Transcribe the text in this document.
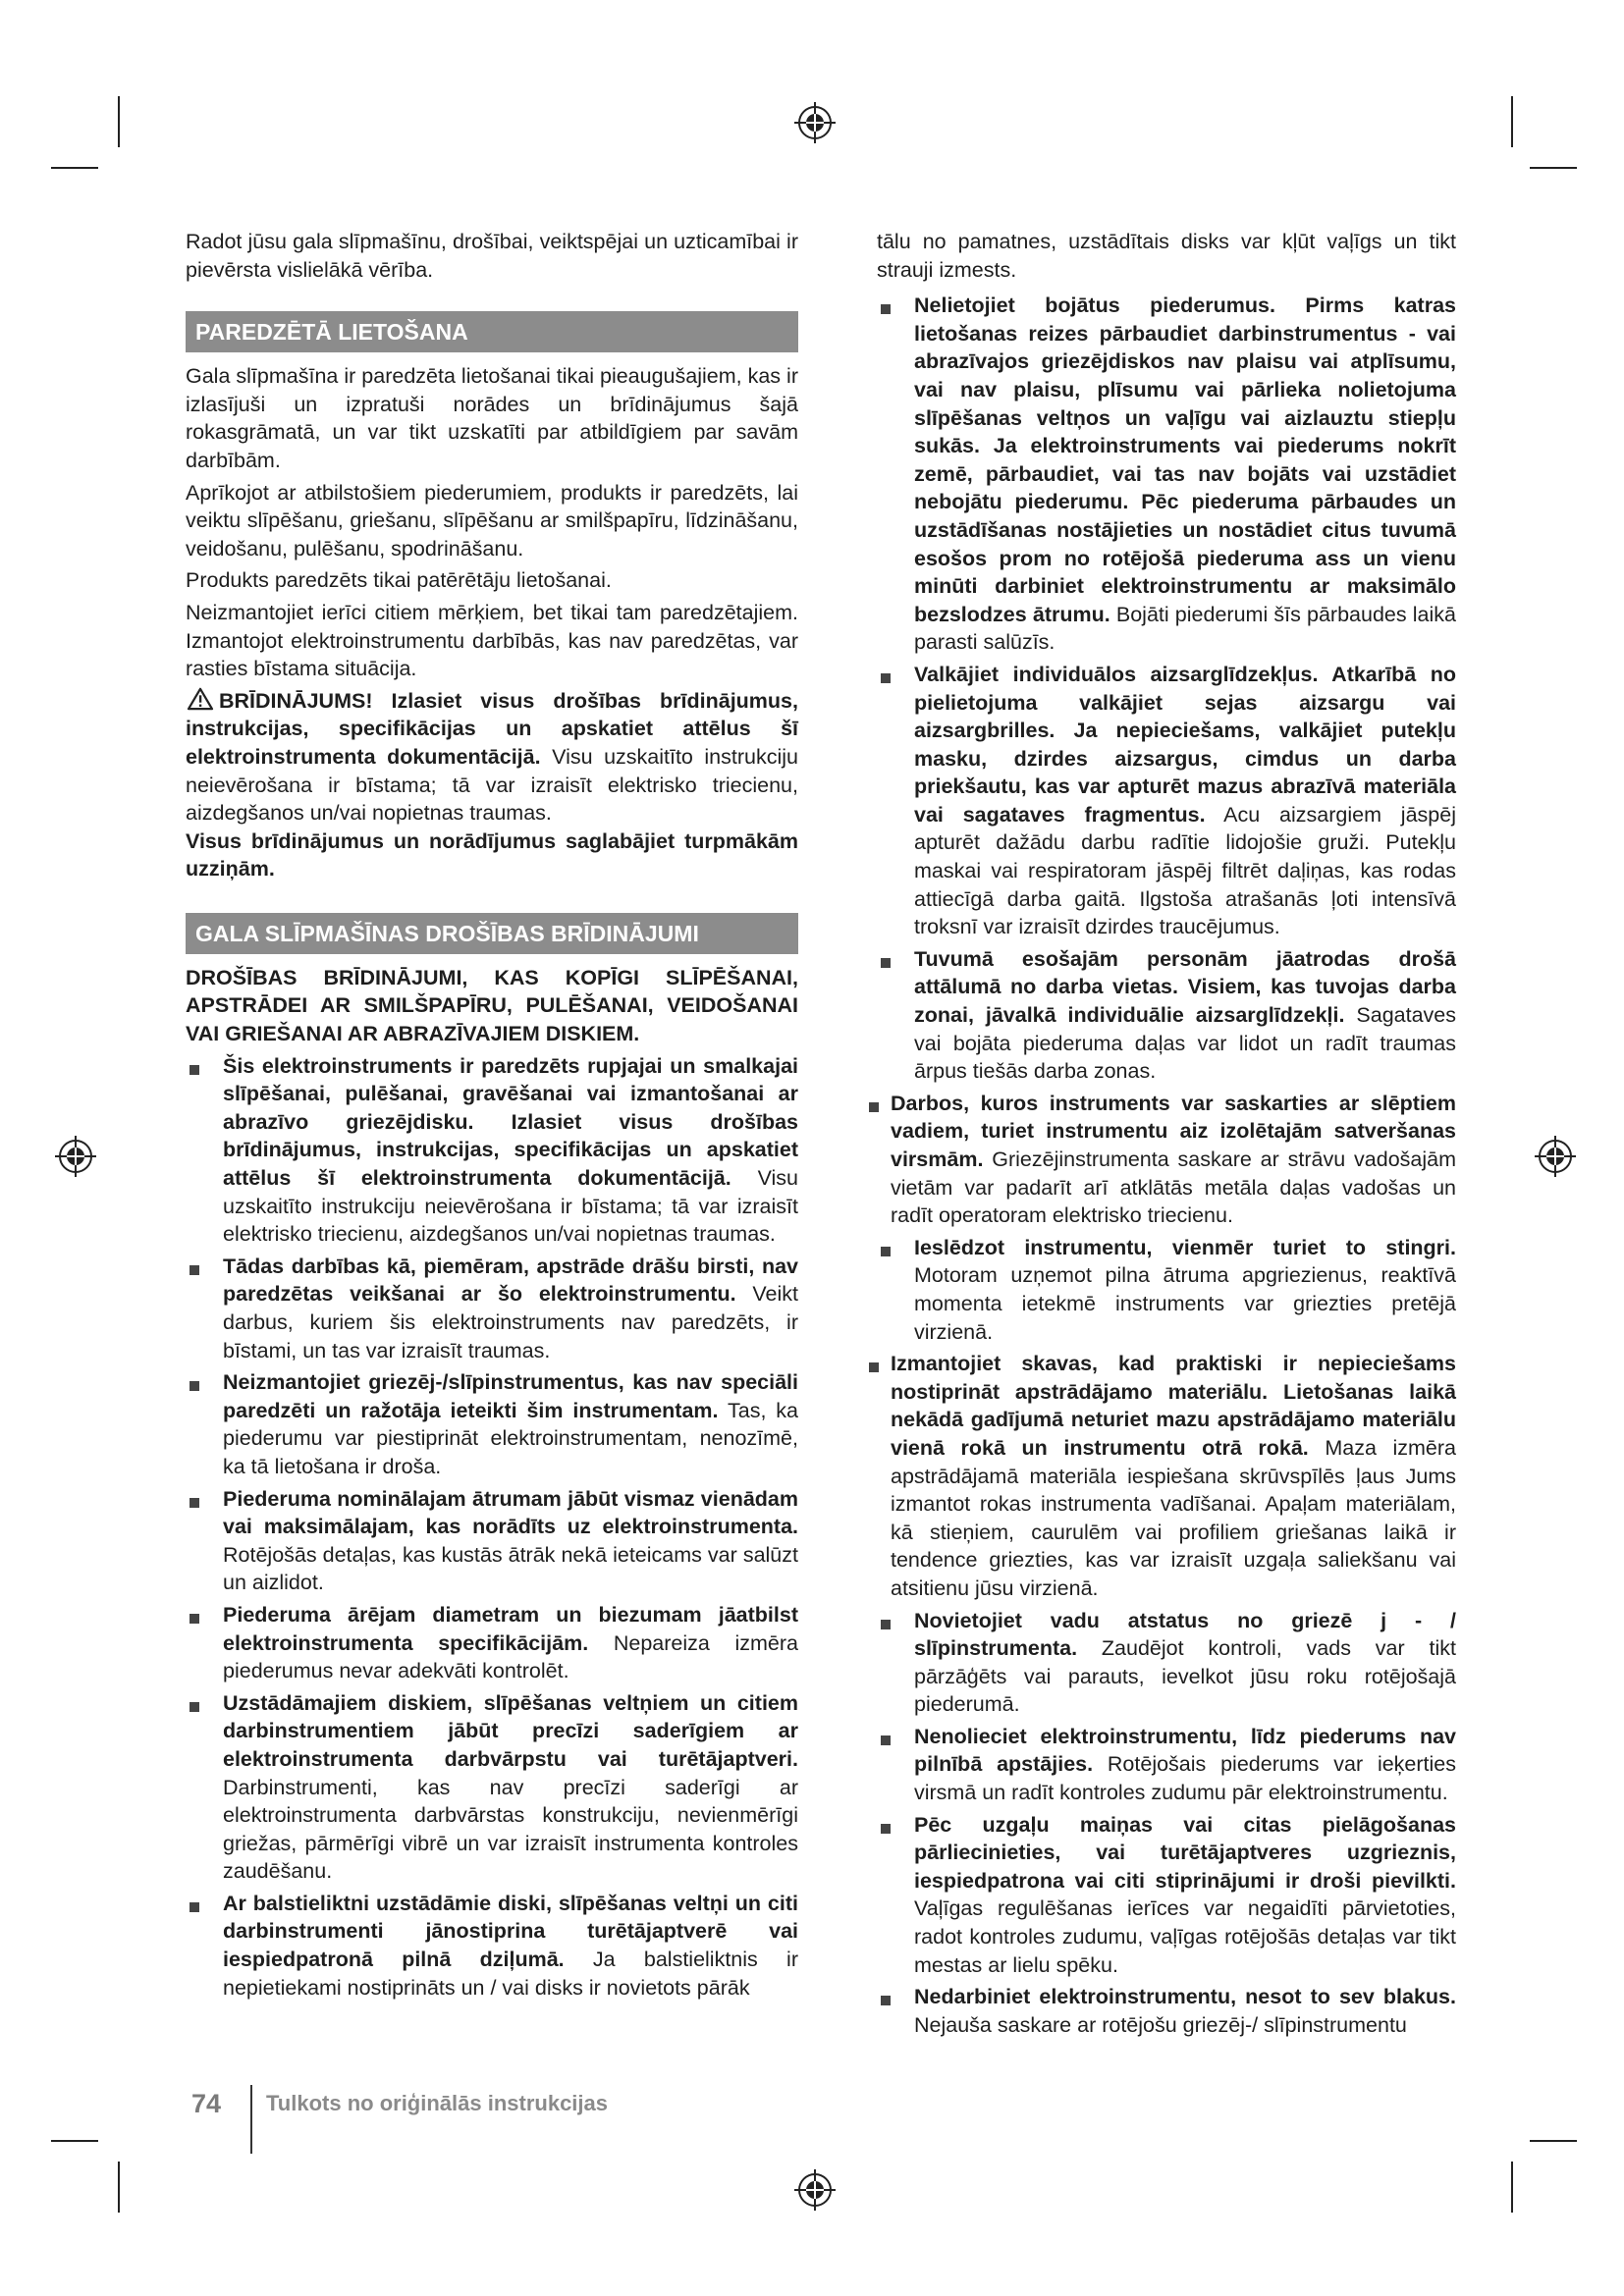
Radot jūsu gala slīpmašīnu, drošībai, veiktspējai un uzticamībai ir pievērsta vislielākā vērība.

PAREDZĒTĀ LIETOŠANA

Gala slīpmašīna ir paredzēta lietošanai tikai pieaugušajiem, kas ir izlasījuši un izpratuši norādes un brīdinājumus šajā rokasgrāmatā, un var tikt uzskatīti par atbildīgiem par savām darbībām.

Aprīkojot ar atbilstošiem piederumiem, produkts ir paredzēts, lai veiktu slīpēšanu, griešanu, slīpēšanu ar smilšpapīru, līdzināšanu, veidošanu, pulēšanu, spodrināšanu.

Produkts paredzēts tikai patērētāju lietošanai.

Neizmantojiet ierīci citiem mērķiem, bet tikai tam paredzētajiem. Izmantojot elektroinstrumentu darbībās, kas nav paredzētas, var rasties bīstama situācija.

BRĪDINĀJUMS! Izlasiet visus drošības brīdinājumus, instrukcijas, specifikācijas un apskatiet attēlus šī elektroinstrumenta dokumentācijā. Visu uzskaitīto instrukciju neievērošana ir bīstama; tā var izraisīt elektrisko triecienu, aizdegšanos un/vai nopietnas traumas.

Visus brīdinājumus un norādījumus saglabājiet turpmākām uzziņām.

GALA SLĪPMAŠĪNAS DROŠĪBAS BRĪDINĀJUMI

DROŠĪBAS BRĪDINĀJUMI, KAS KOPĪGI SLĪPĒŠANAI, APSTRĀDEI AR SMILŠPAPĪRU, PULĒŠANAI, VEIDOŠANAI VAI GRIEŠANAI AR ABRAZĪVAJIEM DISKIEM.

Šis elektroinstruments ir paredzēts rupjajai un smalkajai slīpēšanai, pulēšanai, gravēšanai vai izmantošanai ar abrazīvo griezējdisku. Izlasiet visus drošības brīdinājumus, instrukcijas, specifikācijas un apskatiet attēlus šī elektroinstrumenta dokumentācijā. Visu uzskaitīto instrukciju neievērošana ir bīstama; tā var izraisīt elektrisko triecienu, aizdegšanos un/vai nopietnas traumas.
Tādas darbības kā, piemēram, apstrāde drāšu birsti, nav paredzētas veikšanai ar šo elektroinstrumentu. Veikt darbus, kuriem šis elektroinstruments nav paredzēts, ir bīstami, un tas var izraisīt traumas.
Neizmantojiet griezēj-/slīpinstrumentus, kas nav speciāli paredzēti un ražotāja ieteikti šim instrumentam. Tas, ka piederumu var piestiprināt elektroinstrumentam, nenozīmē, ka tā lietošana ir droša.
Piederuma nominālajam ātrumam jābūt vismaz vienādam vai maksimālajam, kas norādīts uz elektroinstrumenta. Rotējošās detaļas, kas kustās ātrāk nekā ieteicams var salūzt un aizlidot.
Piederuma ārējam diametram un biezumam jāatbilst elektroinstrumenta specifikācijām. Nepareiza izmēra piederumus nevar adekvāti kontrolēt.
Uzstādāmajiem diskiem, slīpēšanas veltņiem un citiem darbinstrumentiem jābūt precīzi saderīgiem ar elektroinstrumenta darbvārpstu vai turētājaptveri. Darbinstrumenti, kas nav precīzi saderīgi ar elektroinstrumenta darbvārstas konstrukciju, nevienmērīgi griežas, pārmērīgi vibrē un var izraisīt instrumenta kontroles zaudēšanu.
Ar balstieliktni uzstādāmie diski, slīpēšanas veltņi un citi darbinstrumenti jānostiprina turētājaptverē vai iespiedpatronā pilnā dziļumā. Ja balstieliktnis ir nepietiekami nostiprināts un / vai disks ir novietots pārāk

tālu no pamatnes, uzstādītais disks var kļūt vaļīgs un tikt strauji izmests.

Nelietojiet bojātus piederumus. Pirms katras lietošanas reizes pārbaudiet darbinstrumentus - vai abrazīvajos griezējdiskos nav plaisu vai atplīsumu, vai nav plaisu, plīsumu vai pārlieka nolietojuma slīpēšanas veltņos un vaļīgu vai aizlauztu stiepļu sukās. Ja elektroinstruments vai piederums nokrīt zemē, pārbaudiet, vai tas nav bojāts vai uzstādiet nebojātu piederumu. Pēc piederuma pārbaudes un uzstādīšanas nostājieties un nostādiet citus tuvumā esošos prom no rotējošā piederuma ass un vienu minūti darbiniet elektroinstrumentu ar maksimālo bezslodzes ātrumu. Bojāti piederumi šīs pārbaudes laikā parasti salūzīs.
Valkājiet individuālos aizsarglīdzekļus. Atkarībā no pielietojuma valkājiet sejas aizsargu vai aizsargbrilles. Ja nepieciešams, valkājiet putekļu masku, dzirdes aizsargus, cimdus un darba priekšautu, kas var apturēt mazus abrazīvā materiāla vai sagataves fragmentus. Acu aizsargiem jāspēj apturēt dažādu darbu radītie lidojošie gruži. Putekļu maskai vai respiratoram jāspēj filtrēt daļiņas, kas rodas attiecīgā darba gaitā. Ilgstoša atrašanās ļoti intensīvā troksnī var izraisīt dzirdes traucējumus.
Tuvumā esošajām personām jāatrodas drošā attālumā no darba vietas. Visiem, kas tuvojas darba zonai, jāvalkā individuālie aizsarglīdzekļi. Sagataves vai bojāta piederuma daļas var lidot un radīt traumas ārpus tiešās darba zonas.
Darbos, kuros instruments var saskarties ar slēptiem vadiem, turiet instrumentu aiz izolētajām satveršanas virsmām. Griezējinstrumenta saskare ar strāvu vadošajām vietām var padarīt arī atklātās metāla daļas vadošas un radīt operatoram elektrisko triecienu.
Ieslēdzot instrumentu, vienmēr turiet to stingri. Motoram uzņemot pilna ātruma apgriezienus, reaktīvā momenta ietekmē instruments var griezties pretējā virzienā.
Izmantojiet skavas, kad praktiski ir nepieciešams nostiprināt apstrādājamo materiālu. Lietošanas laikā nekādā gadījumā neturiet mazu apstrādājamo materiālu vienā rokā un instrumentu otrā rokā. Maza izmēra apstrādājamā materiāla iespiešana skrūvspīlēs ļaus Jums izmantot rokas instrumenta vadīšanai. Apaļam materiālam, kā stieņiem, caurulēm vai profiliem griešanas laikā ir tendence griezties, kas var izraisīt uzgaļa saliekšanu vai atsitienu jūsu virzienā.
Novietojiet vadu atstatus no griezē j - / slīpinstrumenta. Zaudējot kontroli, vads var tikt pārzāģēts vai parauts, ievelkot jūsu roku rotējošajā piederumā.
Nenolieciet elektroinstrumentu, līdz piederums nav pilnībā apstājies. Rotējošais piederums var ieķerties virsmā un radīt kontroles zudumu pār elektroinstrumentu.
Pēc uzgaļu maiņas vai citas pielāgošanas pārliecinieties, vai turētājaptveres uzgrieznis, iespiedpatrona vai citi stiprinājumi ir droši pievilkti. Vaļīgas regulēšanas ierīces var negaidīti pārvietoties, radot kontroles zudumu, vaļīgas rotējošās detaļas var tikt mestas ar lielu spēku.
Nedarbiniet elektroinstrumentu, nesot to sev blakus. Nejauša saskare ar rotējošu griezēj-/ slīpinstrumentu
74 Tulkots no oriģinālās instrukcijas
